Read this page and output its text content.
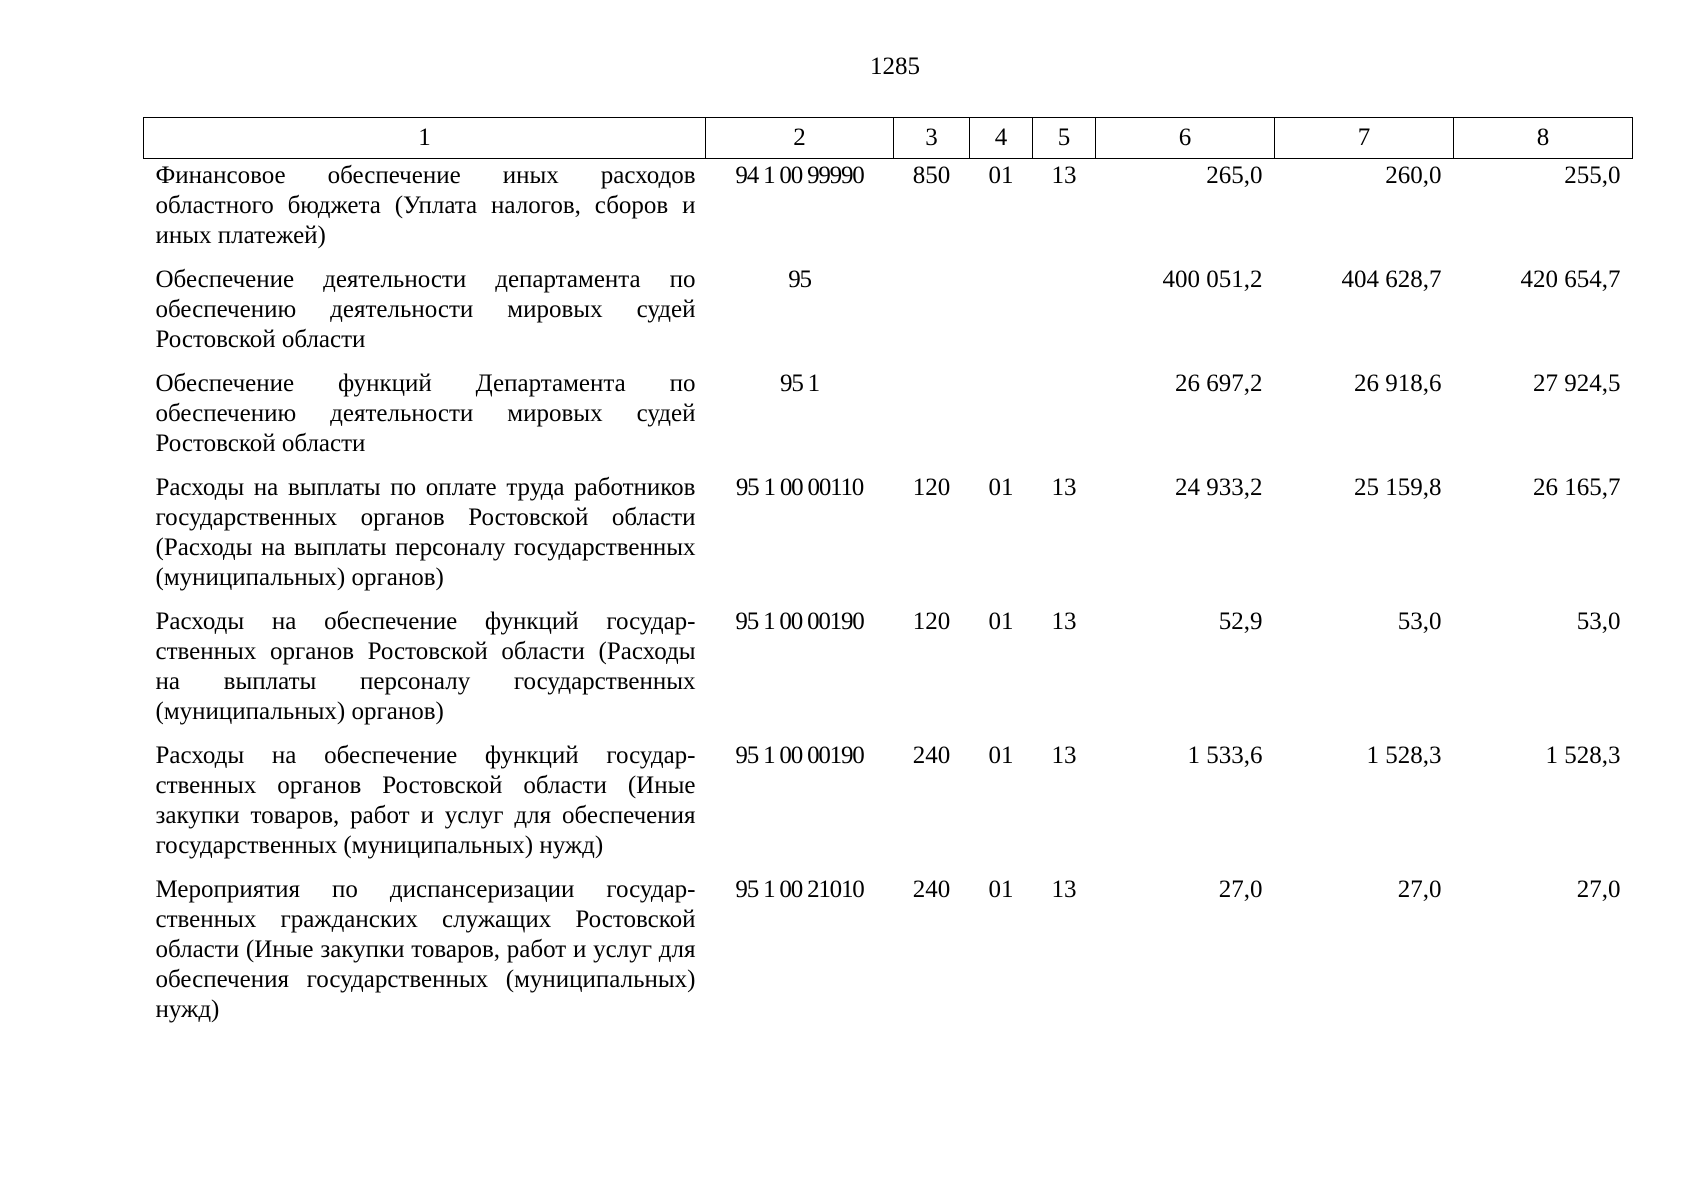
1285
1	2	3	4	5	6	7	8
Финансовое обеспечение иных расходов областного бюджета (Уплата налогов, сборов и иных платежей)	94 1 00 99990	850	01	13	265,0	260,0	255,0
Обеспечение деятельности департамента по обеспечению деятельности мировых судей Ростовской области	95				400 051,2	404 628,7	420 654,7
Обеспечение функций Департамента по обеспечению деятельности мировых судей Ростовской области	95 1				26 697,2	26 918,6	27 924,5
Расходы на выплаты по оплате труда работников государственных органов Ростовской области (Расходы на выплаты персоналу государственных (муниципальных) органов)	95 1 00 00110	120	01	13	24 933,2	25 159,8	26 165,7
Расходы на обеспечение функций государственных органов Ростовской области (Расходы на выплаты персоналу государственных (муниципальных) органов)	95 1 00 00190	120	01	13	52,9	53,0	53,0
Расходы на обеспечение функций государственных органов Ростовской области (Иные закупки товаров, работ и услуг для обеспечения государственных (муниципальных) нужд)	95 1 00 00190	240	01	13	1 533,6	1 528,3	1 528,3
Мероприятия по диспансеризации государственных гражданских служащих Ростовской области (Иные закупки товаров, работ и услуг для обеспечения государственных (муниципальных) нужд)	95 1 00 21010	240	01	13	27,0	27,0	27,0
